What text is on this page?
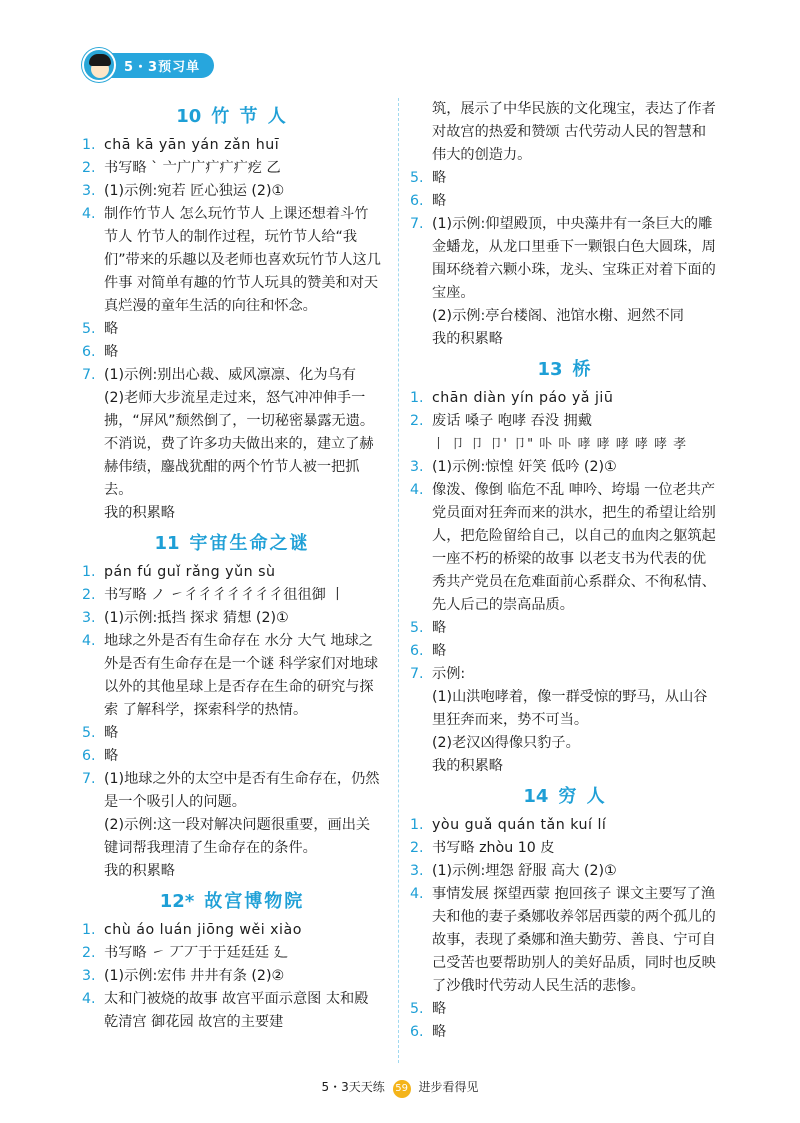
5・3预习单
10 竹 节 人
1. chā kā yān yán zǎn huī
2. 书写略 ˋ 亠广广疒疒疒疙 乙
3. (1)示例:宛若 匠心独运 (2)①
4. 制作竹节人 怎么玩竹节人 上课还想着斗竹节人 竹节人的制作过程，玩竹节人给“我们”带来的乐趣以及老师也喜欢玩竹节人这几件事 对简单有趣的竹节人玩具的赞美和对天真烂漫的童年生活的向往和怀念。
5. 略
6. 略
7. (1)示例:别出心裁、威风凛凛、化为乌有
(2)老师大步流星走过来，怒气冲冲伸手一拂，“屏风”颓然倒了，一切秘密暴露无遗。不消说，费了许多功夫做出来的，建立了赫赫伟绩，鏖战犹酣的两个竹节人被一把抓去。
我的积累略
11 宇宙生命之谜
1. pán fú guǐ rǎng yǔn sù
2. 书写略 ノ ㇀彳彳彳彳彳彳彳徂徂御 丨
3. (1)示例:抵挡 探求 猜想 (2)①
4. 地球之外是否有生命存在 水分 大气 地球之外是否有生命存在是一个谜 科学家们对地球以外的其他星球上是否存在生命的研究与探索 了解科学，探索科学的热情。
5. 略
6. 略
7. (1)地球之外的太空中是否有生命存在，仍然是一个吸引人的问题。
(2)示例:这一段对解决问题很重要，画出关键词帮我理清了生命存在的条件。
我的积累略
12* 故宫博物院
1. chù áo luán jiōng wěi xiào
2. 书写略 ㇀ 丆丆于于廷廷廷 廴
3. (1)示例:宏伟 井井有条 (2)②
4. 太和门被烧的故事 故宫平面示意图 太和殿 乾清宫 御花园 故宫的主要建
筑，展示了中华民族的文化瑰宝，表达了作者对故宫的热爱和赞颂 古代劳动人民的智慧和伟大的创造力。
5. 略
6. 略
7. (1)示例:仰望殿顶，中央藻井有一条巨大的雕金蟠龙，从龙口里垂下一颗银白色大圆珠，周围环绕着六颗小珠，龙头、宝珠正对着下面的宝座。
(2)示例:亭台楼阁、池馆水榭、迥然不同
我的积累略
13 桥
1. chān diàn yín páo yǎ jiū
2. 废话 嗓子 咆哮 吞没 拥戴
丨 卩 卩 卩' 卩" 卟 卟 哮 哮 哮 哮 哮 孝
3. (1)示例:惊惶 奸笑 低吟 (2)①
4. 像泼、像倒 临危不乱 呻吟、垮塌 一位老共产党员面对狂奔而来的洪水，把生的希望让给别人，把危险留给自己，以自己的血肉之躯筑起一座不朽的桥梁的故事 以老支书为代表的优秀共产党员在危难面前心系群众、不徇私情、先人后己的崇高品质。
5. 略
6. 略
7. 示例:
(1)山洪咆哮着，像一群受惊的野马，从山谷里狂奔而来，势不可当。
(2)老汉凶得像只豹子。
我的积累略
14 穷 人
1. yòu guǎ quán tǎn kuí lí
2. 书写略 zhòu 10 皮
3. (1)示例:埋怨 舒服 高大 (2)①
4. 事情发展 探望西蒙 抱回孩子 课文主要写了渔夫和他的妻子桑娜收养邻居西蒙的两个孤儿的故事，表现了桑娜和渔夫勤劳、善良、宁可自己受苦也要帮助别人的美好品质，同时也反映了沙俄时代劳动人民生活的悲惨。
5. 略
6. 略
5・3天天练 59 进步看得见
